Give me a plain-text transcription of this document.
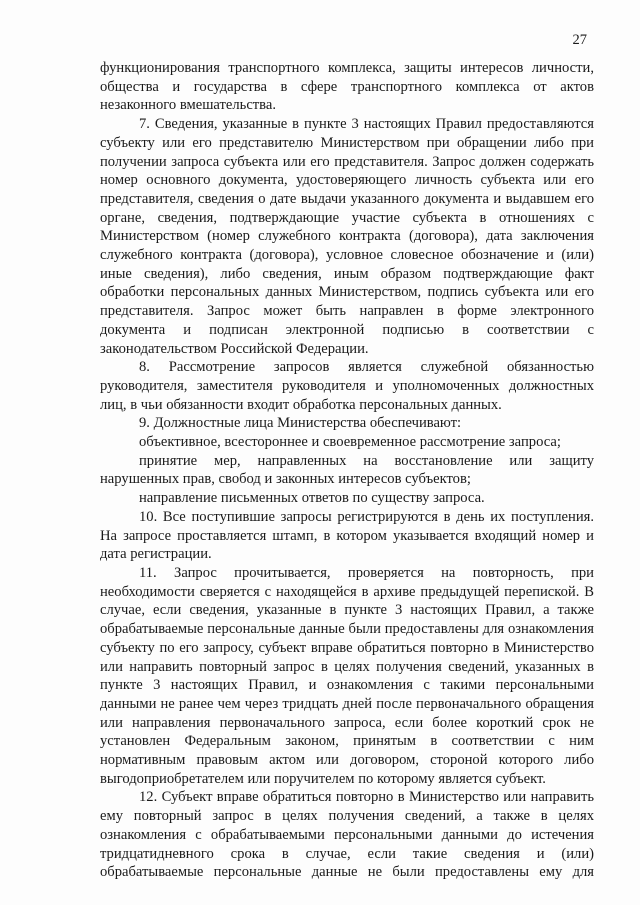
27

функционирования транспортного комплекса, защиты интересов личности, общества и государства в сфере транспортного комплекса от актов незаконного вмешательства.

7. Сведения, указанные в пункте 3 настоящих Правил предоставляются субъекту или его представителю Министерством при обращении либо при получении запроса субъекта или его представителя. Запрос должен содержать номер основного документа, удостоверяющего личность субъекта или его представителя, сведения о дате выдачи указанного документа и выдавшем его органе, сведения, подтверждающие участие субъекта в отношениях с Министерством (номер служебного контракта (договора), дата заключения служебного контракта (договора), условное словесное обозначение и (или) иные сведения), либо сведения, иным образом подтверждающие факт обработки персональных данных Министерством, подпись субъекта или его представителя. Запрос может быть направлен в форме электронного документа и подписан электронной подписью в соответствии с законодательством Российской Федерации.

8. Рассмотрение запросов является служебной обязанностью руководителя, заместителя руководителя и уполномоченных должностных лиц, в чьи обязанности входит обработка персональных данных.

9. Должностные лица Министерства обеспечивают:

объективное, всестороннее и своевременное рассмотрение запроса;

принятие мер, направленных на восстановление или защиту нарушенных прав, свобод и законных интересов субъектов;

направление письменных ответов по существу запроса.

10. Все поступившие запросы регистрируются в день их поступления. На запросе проставляется штамп, в котором указывается входящий номер и дата регистрации.

11. Запрос прочитывается, проверяется на повторность, при необходимости сверяется с находящейся в архиве предыдущей перепиской. В случае, если сведения, указанные в пункте 3 настоящих Правил, а также обрабатываемые персональные данные были предоставлены для ознакомления субъекту по его запросу, субъект вправе обратиться повторно в Министерство или направить повторный запрос в целях получения сведений, указанных в пункте 3 настоящих Правил, и ознакомления с такими персональными данными не ранее чем через тридцать дней после первоначального обращения или направления первоначального запроса, если более короткий срок не установлен Федеральным законом, принятым в соответствии с ним нормативным правовым актом или договором, стороной которого либо выгодоприобретателем или поручителем по которому является субъект.

12. Субъект вправе обратиться повторно в Министерство или направить ему повторный запрос в целях получения сведений, а также в целях ознакомления с обрабатываемыми персональными данными до истечения тридцатидневного срока в случае, если такие сведения и (или) обрабатываемые персональные данные не были предоставлены ему для
